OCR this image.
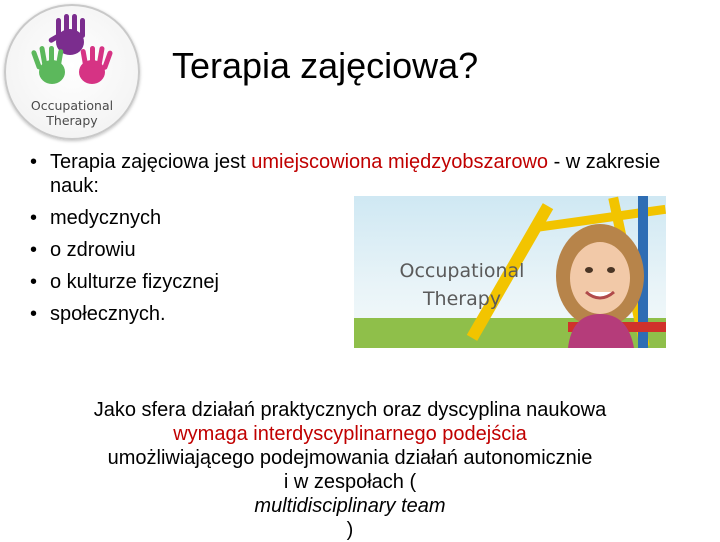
Occupational
Therapy
Terapia zajęciowa?
• Terapia zajęciowa jest umiejscowiona międzyobszarowo - w zakresie nauk:
• medycznych
• o zdrowiu
• o kulturze fizycznej
• społecznych.
Occupational
Therapy

Jako sfera działań praktycznych oraz dyscyplina naukowa
wymaga interdyscyplinarnego podejścia
umożliwiającego podejmowania działań autonomicznie
i w zespołach (
multidisciplinary team
)
